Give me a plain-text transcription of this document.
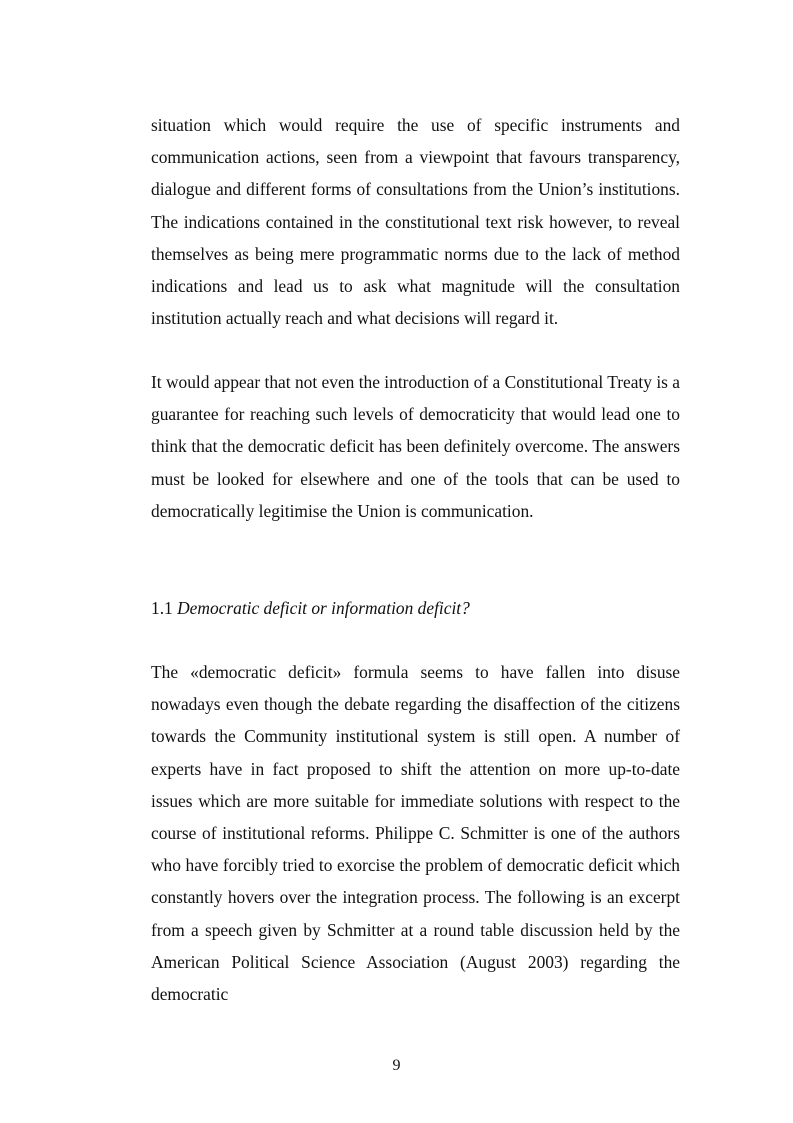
situation which would require the use of specific instruments and communication actions, seen from a viewpoint that favours transparency, dialogue and different forms of consultations from the Union’s institutions. The indications contained in the constitutional text risk however, to reveal themselves as being mere programmatic norms due to the lack of method indications and lead us to ask what magnitude will the consultation institution actually reach and what decisions will regard it.

It would appear that not even the introduction of a Constitutional Treaty is a guarantee for reaching such levels of democraticity that would lead one to think that the democratic deficit has been definitely overcome. The answers must be looked for elsewhere and one of the tools that can be used to democratically legitimise the Union is communication.

1.1 Democratic deficit or information deficit?

The «democratic deficit» formula seems to have fallen into disuse nowadays even though the debate regarding the disaffection of the citizens towards the Community institutional system is still open. A number of experts have in fact proposed to shift the attention on more up-to-date issues which are more suitable for immediate solutions with respect to the course of institutional reforms. Philippe C. Schmitter is one of the authors who have forcibly tried to exorcise the problem of democratic deficit which constantly hovers over the integration process. The following is an excerpt from a speech given by Schmitter at a round table discussion held by the American Political Science Association (August 2003) regarding the democratic

9
